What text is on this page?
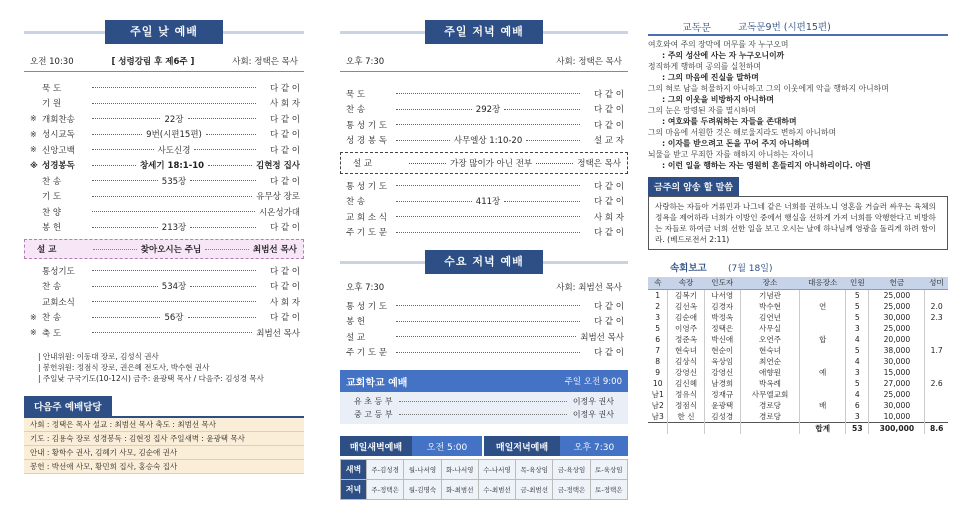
주일 낮 예배
오전 10:30	[ 성령강림 후 제6주 ]	사회: 정택은 목사
묵 도	다 같 이
기 원	사 회 자
※ 개회찬송	22장	다 같 이
※ 성시교독	9번(시편15편)	다 같 이
※ 신앙고백	사도신경	다 같 이
※ 성경봉독	창세기 18:1-10	김현정 집사
찬 송	535장	다 같 이
기 도	유무상 장로
찬 양	시온성가대
봉 헌	213장	다 같 이
설 교	찾아오시는 주님	최범선 목사
통성기도	다 같 이
찬 송	534장	다 같 이
교회소식	사 회 자
※ 찬 송	56장	다 같 이
※ 축 도	최범선 목사
| 안내위원: 이동대 장로, 김성식 권사
| 봉헌위원: 정점식 장로, 권은혜 전도사, 박수현 권사
| 주일낮 구국기도(10-12시) 금주: 윤광택 목사 / 다음주: 김성경 목사
다음주 예배담당
사회 : 정택은 목사 설교 : 최범선 목사 축도 : 최범선 목사
기도 : 김용숙 장로 성경봉독 : 김현정 집사 주일새벽 : 윤광택 목사
안내 : 황학수 권사, 김혜기 사모, 김순애 권사
봉헌 : 박선애 사모, 황민희 집사, 홍승숙 집사
주일 저녁 예배
오후 7:30	사회: 정택은 목사
묵 도	다 같 이
찬 송	292장	다 같 이
통 성 기 도	다 같 이
성 경 봉 독	사무엘상 1:10-20	설 교 자
설 교	가장 많이가 아닌 전부	정택은 목사
통 성 기 도	다 같 이
찬 송	411장	다 같 이
교 회 소 식	사 회 자
주 기 도 문	다 같 이
수요 저녁 예배
오후 7:30	사회: 최범선 목사
통 성 기 도	다 같 이
봉 헌	다 같 이
설 교	최범선 목사
주 기 도 문	다 같 이
교회학교 예배	주일 오전 9:00
유 초 등 부	이정우 권사
중 고 등 부	이정우 권사
매일새벽예배	오전 5:00	매일저녁예배	오후 7:30
새벽	주-김성경	월-나서영	화-나서영	수-나서영	목-육상임	금-육상임	토-육상임
저녁	주-정택은	월-김명숙	화-최범선	수-최범선	금-최범선	금-정택은	토-정택은
교독문	교독문9번 (시편15편)
여호와여 주의 장막에 머무를 자 누구오며
: 주의 성산에 사는 자 누구오니이까
정직하게 행하며 공의를 실천하며
: 그의 마음에 진실을 말하며
그의 혀로 남을 허물하지 아니하고 그의 이웃에게 악을 행하지 아니하며
: 그의 이웃을 비방하지 아니하며
그의 눈은 망령된 자를 멸시하며
: 여호와를 두려워하는 자들을 존대하며
그의 마음에 서원한 것은 해로울지라도 변하지 아니하며
: 이자를 받으려고 돈을 꾸어 주지 아니하며
뇌물을 받고 무죄한 자를 해하지 아니하는 자이니
: 이런 일을 행하는 자는 영원히 흔들리지 아니하리이다. 아멘
금주의 암송 할 말씀
사랑하는 자들아 거류민과 나그네 같은 너희를 권하노니 영혼을 거슬러 싸우는 육체의 정욕을 제어하라 너희가 이방인 중에서 행실을 선하게 가져 너희를 악행한다고 비방하는 자들로 하여금 너희 선한 일을 보고 오시는 날에 하나님께 영광을 돌리게 하려 함이라. (베드로전서 2:11)
속회보고	(7월 18일)
속	속장	인도자	장소	대응장소	인원	헌금	성미
1	김복기	나서영	기념관		5	25,000	
2	김선옥	김경자	박수현	연	5	25,000	2.0
3	김순애	박정옥	김연년		5	30,000	2.3
5	이영주	정택은	사무실		3	25,000	
6	정준옥	박신애	오연주	합	4	20,000	
7	현숙녀	현순이	현숙녀		5	38,000	1.7
8	김상식	육상임	최연순		4	30,000	
9	강영신	강영신	애향원	예	3	15,000	
10	김신혜	남경희	박옥례		5	27,000	2.6
남1	정유식	정재규	사무엘교회		4	25,000	
남2	정점식	윤광택	경로당	배	6	30,000	
남3	한 신	김성경	경로당		3	10,000	
				합계	53	300,000	8.6
